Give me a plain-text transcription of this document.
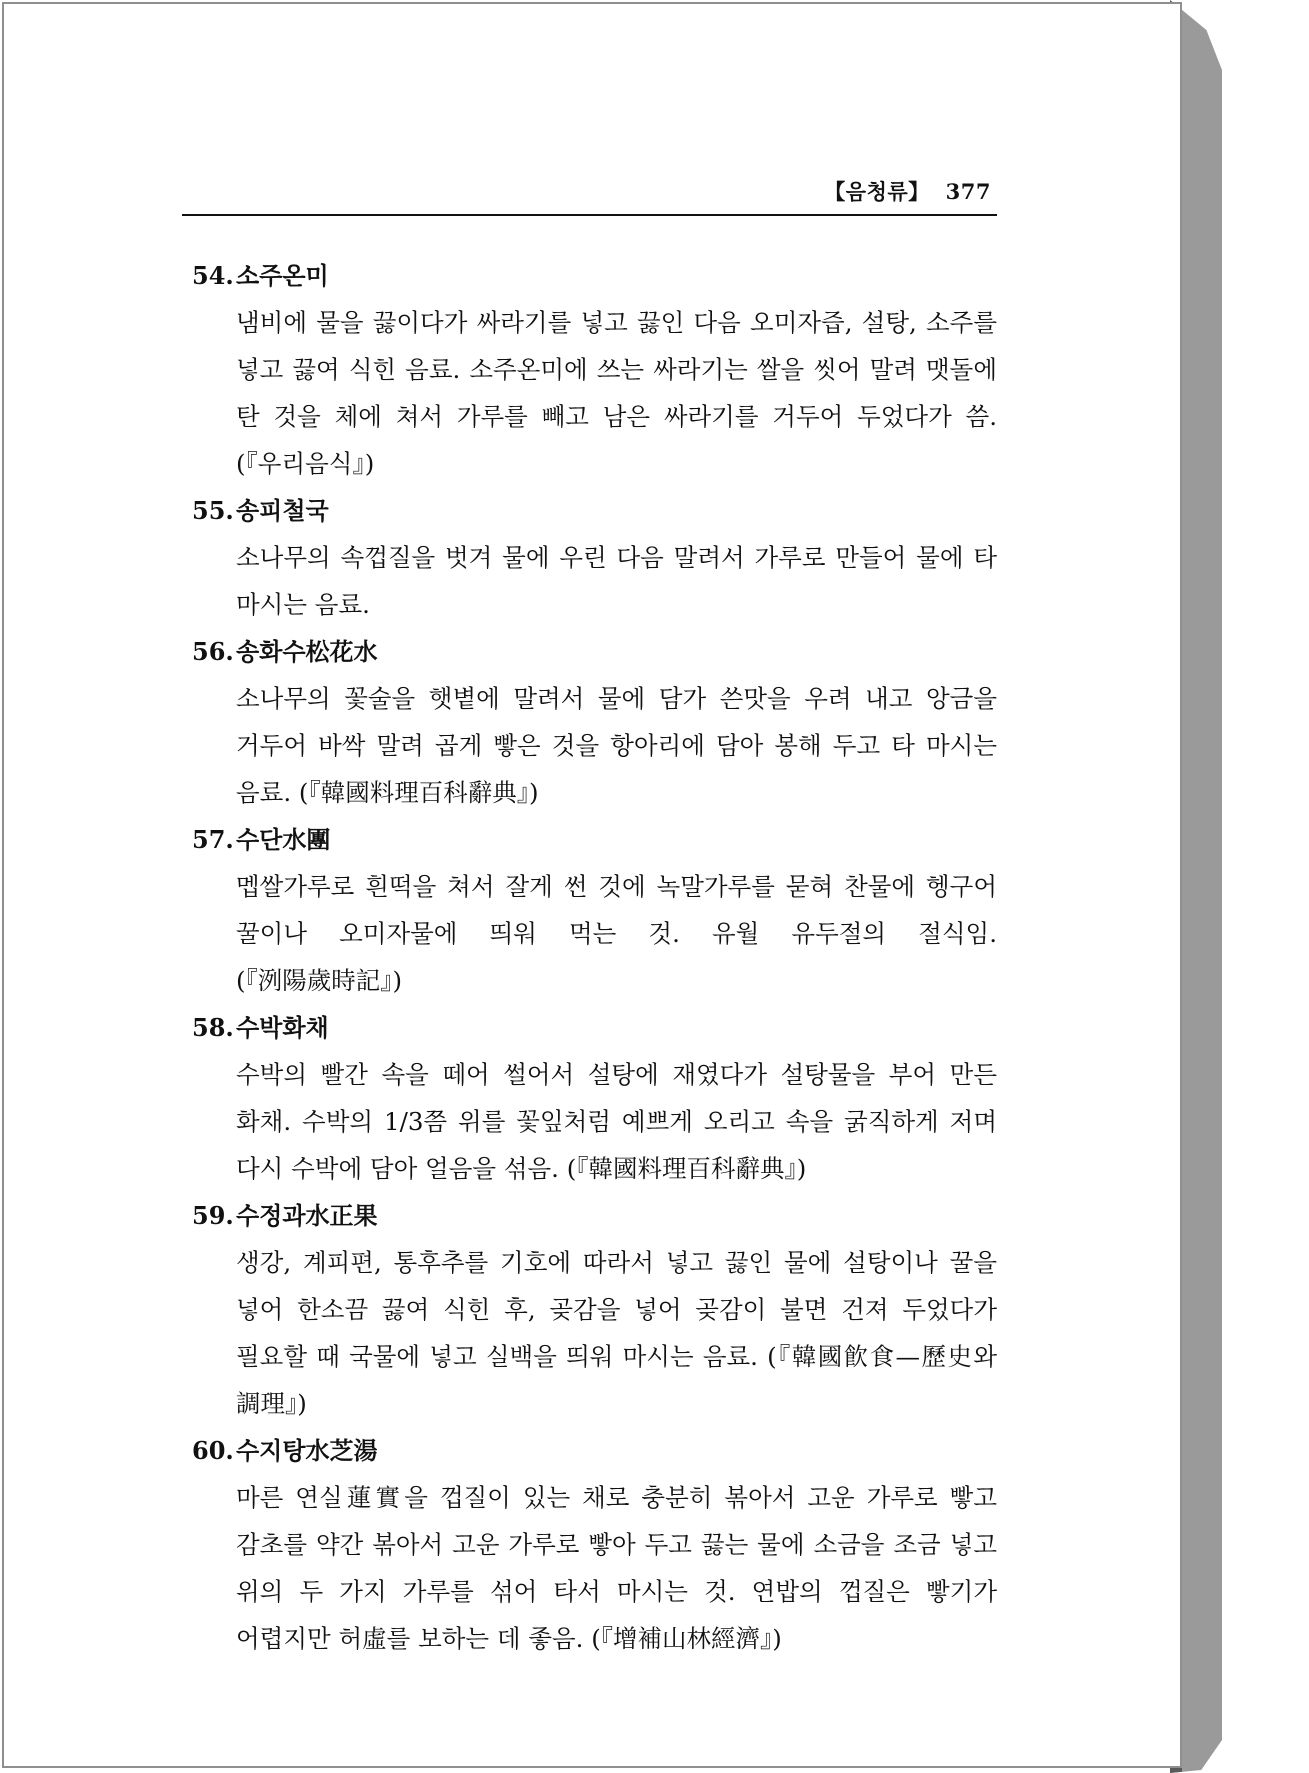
【음청류】 377
54.소주온미
냄비에 물을 끓이다가 싸라기를 넣고 끓인 다음 오미자즙, 설탕, 소주를 넣고 끓여 식힌 음료. 소주온미에 쓰는 싸라기는 쌀을 씻어 말려 맷돌에 탄 것을 체에 쳐서 가루를 빼고 남은 싸라기를 거두어 두었다가 씀. (『우리음식』)
55.송피철국
소나무의 속껍질을 벗겨 물에 우린 다음 말려서 가루로 만들어 물에 타 마시는 음료.
56.송화수松花水
소나무의 꽃술을 햇볕에 말려서 물에 담가 쓴맛을 우려 내고 앙금을 거두어 바싹 말려 곱게 빻은 것을 항아리에 담아 봉해 두고 타 마시는 음료. (『韓國料理百科辭典』)
57.수단水團
멥쌀가루로 흰떡을 쳐서 잘게 썬 것에 녹말가루를 묻혀 찬물에 헹구어 꿀이나 오미자물에 띄워 먹는 것. 유월 유두절의 절식임. (『洌陽歲時記』)
58.수박화채
수박의 빨간 속을 떼어 썰어서 설탕에 재였다가 설탕물을 부어 만든 화채. 수박의 1/3쯤 위를 꽃잎처럼 예쁘게 오리고 속을 굵직하게 저며 다시 수박에 담아 얼음을 섞음. (『韓國料理百科辭典』)
59.수정과水正果
생강, 계피편, 통후추를 기호에 따라서 넣고 끓인 물에 설탕이나 꿀을 넣어 한소끔 끓여 식힌 후, 곶감을 넣어 곶감이 불면 건져 두었다가 필요할 때 국물에 넣고 실백을 띄워 마시는 음료. (『韓國飮食—歷史와 調理』)
60.수지탕水芝湯
마른 연실蓮實을 껍질이 있는 채로 충분히 볶아서 고운 가루로 빻고 감초를 약간 볶아서 고운 가루로 빻아 두고 끓는 물에 소금을 조금 넣고 위의 두 가지 가루를 섞어 타서 마시는 것. 연밥의 껍질은 빻기가 어렵지만 허虛를 보하는 데 좋음. (『增補山林經濟』)
